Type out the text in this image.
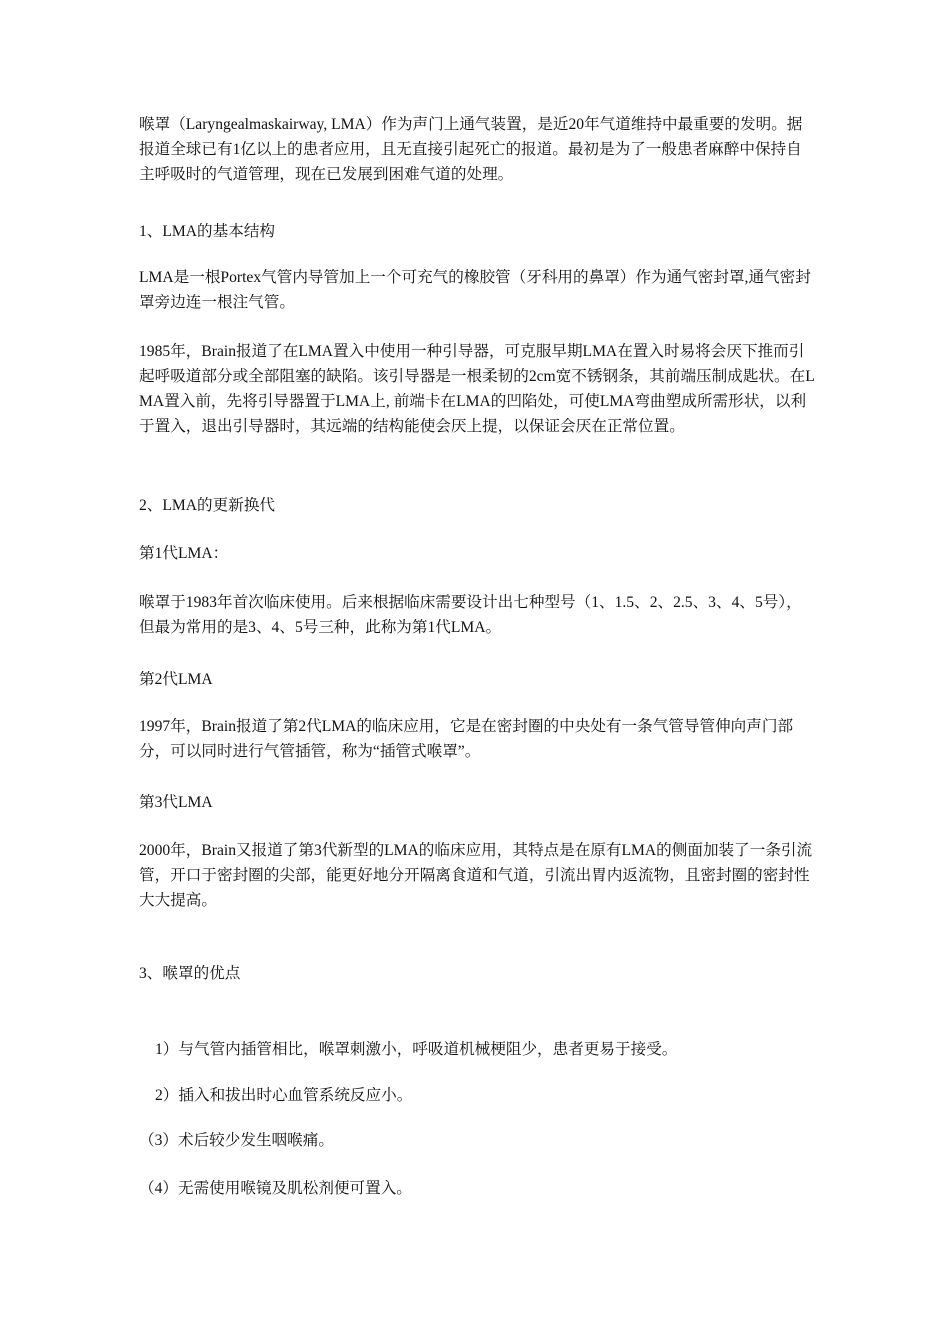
喉罩（Laryngealmaskairway, LMA）作为声门上通气装置，是近20年气道维持中最重要的发明。据报道全球已有1亿以上的患者应用，且无直接引起死亡的报道。最初是为了一般患者麻醉中保持自主呼吸时的气道管理，现在已发展到困难气道的处理。

1、LMA的基本结构

LMA是一根Portex气管内导管加上一个可充气的橡胶管（牙科用的鼻罩）作为通气密封罩,通气密封罩旁边连一根注气管。

1985年，Brain报道了在LMA置入中使用一种引导器，可克服早期LMA在置入时易将会厌下推而引起呼吸道部分或全部阻塞的缺陷。该引导器是一根柔韧的2cm宽不锈钢条，其前端压制成匙状。在LMA置入前，先将引导器置于LMA上, 前端卡在LMA的凹陷处，可使LMA弯曲塑成所需形状，以利于置入，退出引导器时，其远端的结构能使会厌上提，以保证会厌在正常位置。

2、LMA的更新换代

第1代LMA：

喉罩于1983年首次临床使用。后来根据临床需要设计出七种型号（1、1.5、2、2.5、3、4、5号），但最为常用的是3、4、5号三种，此称为第1代LMA。

第2代LMA

1997年，Brain报道了第2代LMA的临床应用，它是在密封圈的中央处有一条气管导管伸向声门部分，可以同时进行气管插管，称为“插管式喉罩”。

第3代LMA

2000年，Brain又报道了第3代新型的LMA的临床应用，其特点是在原有LMA的侧面加装了一条引流管，开口于密封圈的尖部，能更好地分开隔离食道和气道，引流出胃内返流物，且密封圈的密封性大大提高。

3、喉罩的优点

1）与气管内插管相比，喉罩刺激小，呼吸道机械梗阻少，患者更易于接受。

2）插入和拔出时心血管系统反应小。

（3）术后较少发生咽喉痛。

（4）无需使用喉镜及肌松剂便可置入。
